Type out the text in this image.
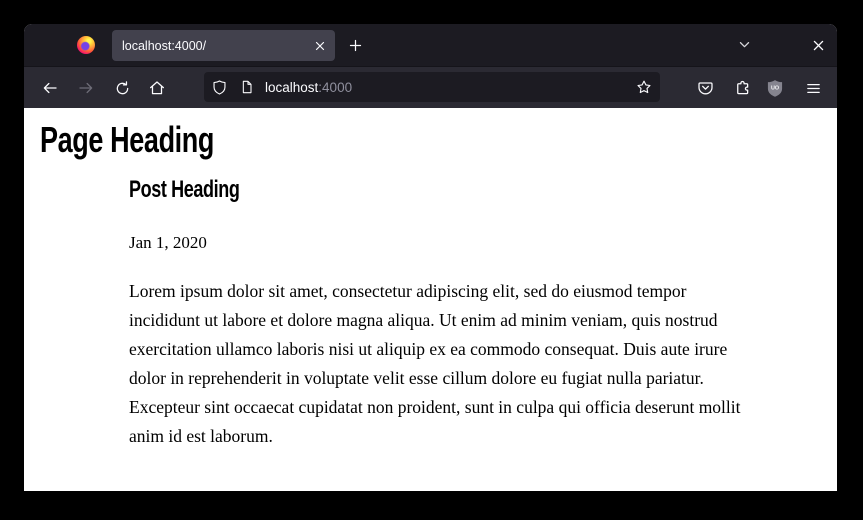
localhost:4000/
localhost:4000	UO
Page Heading
Post Heading
Jan 1, 2020

Lorem ipsum dolor sit amet, consectetur adipiscing elit, sed do eiusmod tempor incididunt ut labore et dolore magna aliqua. Ut enim ad minim veniam, quis nostrud exercitation ullamco laboris nisi ut aliquip ex ea commodo consequat. Duis aute irure dolor in reprehenderit in voluptate velit esse cillum dolore eu fugiat nulla pariatur. Excepteur sint occaecat cupidatat non proident, sunt in culpa qui officia deserunt mollit anim id est laborum.
